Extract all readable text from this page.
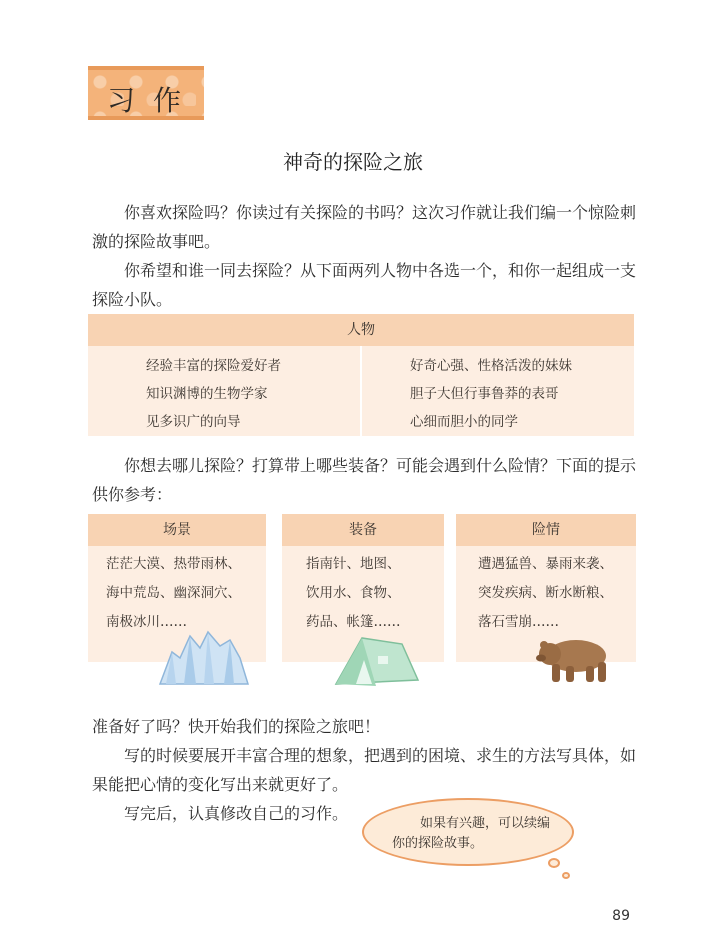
习作
神奇的探险之旅
你喜欢探险吗？你读过有关探险的书吗？这次习作就让我们编一个惊险刺激的探险故事吧。
你希望和谁一同去探险？从下面两列人物中各选一个，和你一起组成一支探险小队。
人物
经验丰富的探险爱好者
知识渊博的生物学家
见多识广的向导
好奇心强、性格活泼的妹妹
胆子大但行事鲁莽的表哥
心细而胆小的同学
你想去哪儿探险？打算带上哪些装备？可能会遇到什么险情？下面的提示供你参考：
场景
茫茫大漠、热带雨林、
海中荒岛、幽深洞穴、
南极冰川……
装备
指南针、地图、
饮用水、食物、
药品、帐篷……
险情
遭遇猛兽、暴雨来袭、
突发疾病、断水断粮、
落石雪崩……
准备好了吗？快开始我们的探险之旅吧！
写的时候要展开丰富合理的想象，把遇到的困境、求生的方法写具体，如果能把心情的变化写出来就更好了。
写完后，认真修改自己的习作。
如果有兴趣，可以续编你的探险故事。
89
